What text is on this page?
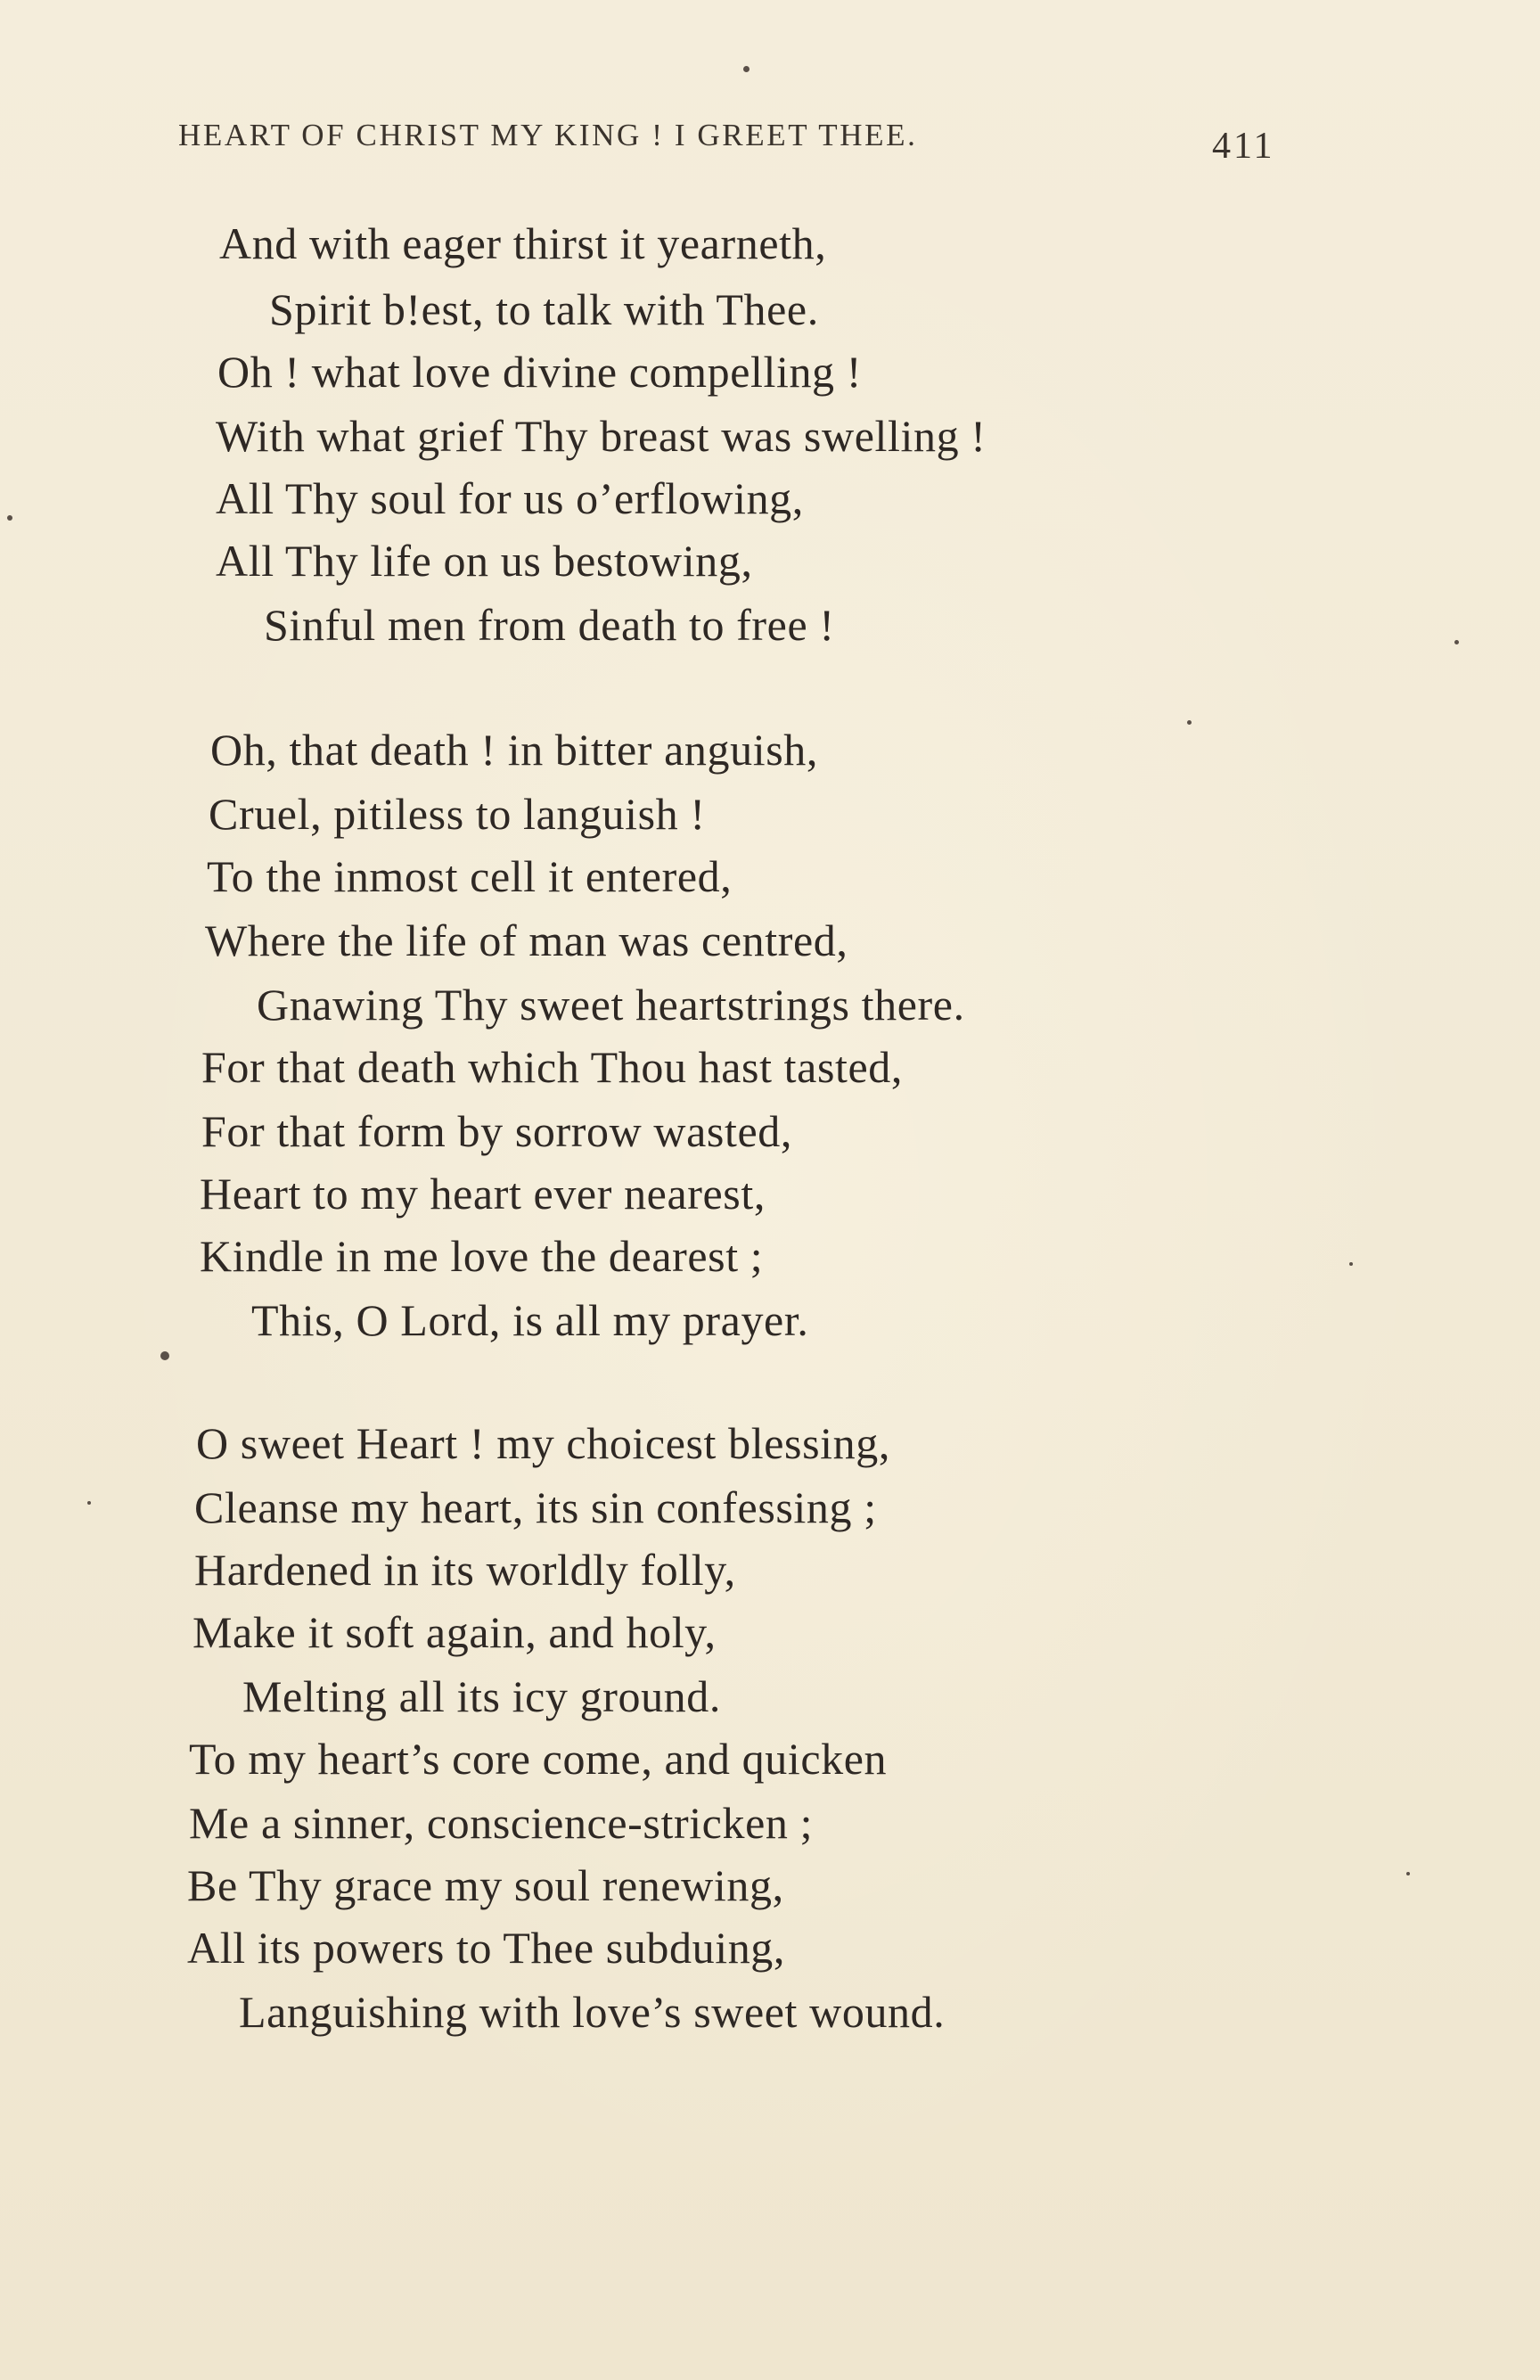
HEART OF CHRIST MY KING ! I GREET THEE.	411
And with eager thirst it yearneth,
Spirit b!est, to talk with Thee.
Oh ! what love divine compelling !
With what grief Thy breast was swelling !
All Thy soul for us o’erflowing,
All Thy life on us bestowing,
Sinful men from death to free !
Oh, that death ! in bitter anguish,
Cruel, pitiless to languish !
To the inmost cell it entered,
Where the life of man was centred,
Gnawing Thy sweet heartstrings there.
For that death which Thou hast tasted,
For that form by sorrow wasted,
Heart to my heart ever nearest,
Kindle in me love the dearest ;
This, O Lord, is all my prayer.
O sweet Heart ! my choicest blessing,
Cleanse my heart, its sin confessing ;
Hardened in its worldly folly,
Make it soft again, and holy,
Melting all its icy ground.
To my heart’s core come, and quicken
Me a sinner, conscience-stricken ;
Be Thy grace my soul renewing,
All its powers to Thee subduing,
Languishing with love’s sweet wound.
